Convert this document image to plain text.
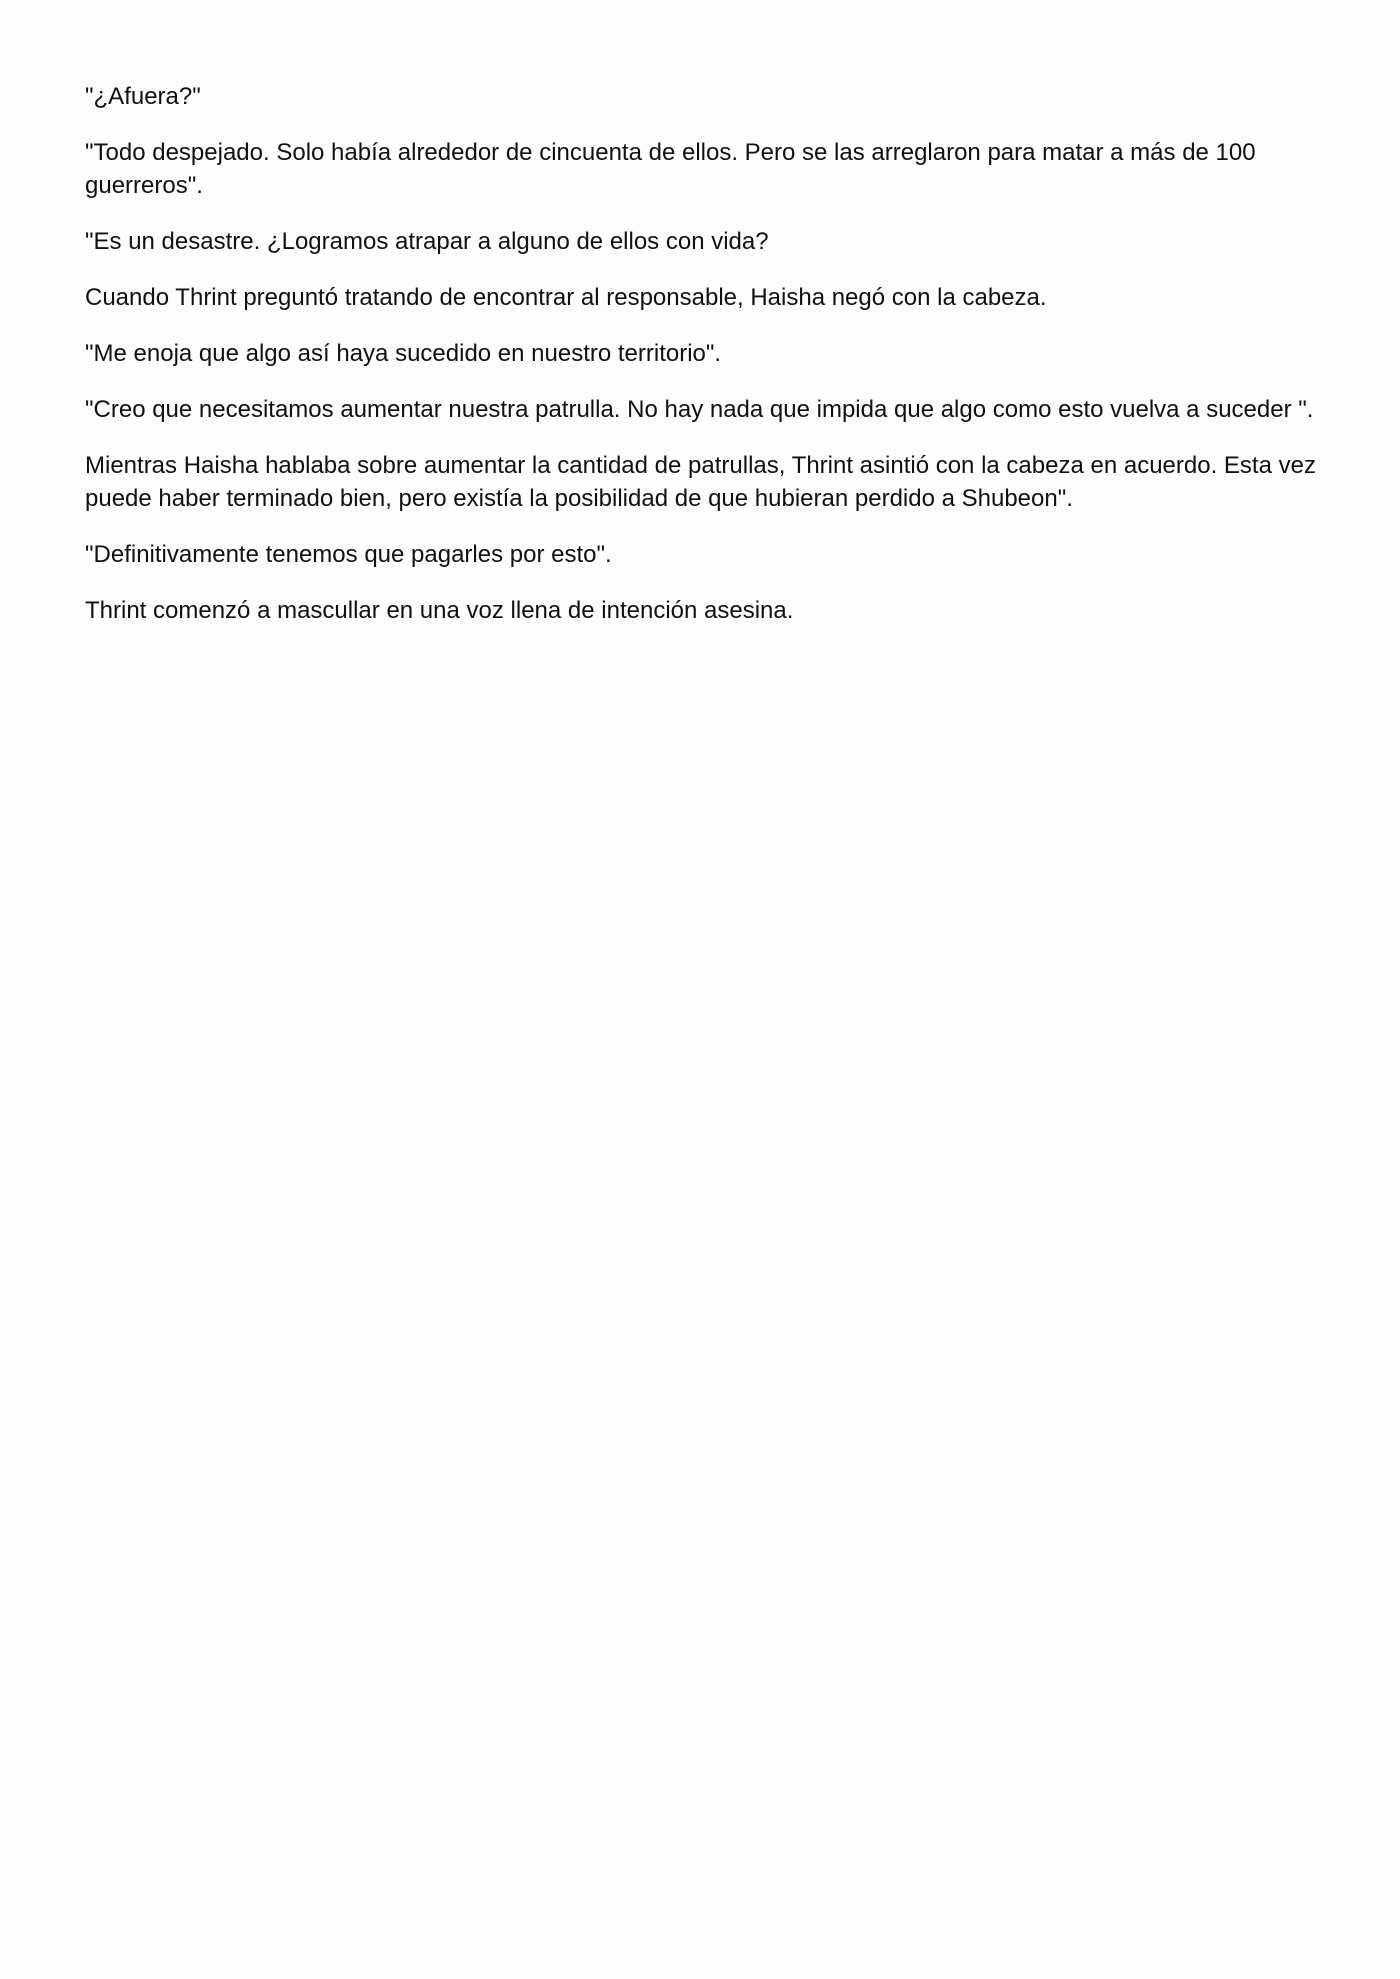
"¿Afuera?"

"Todo despejado. Solo había alrededor de cincuenta de ellos. Pero se las arreglaron para matar a más de 100 guerreros".

"Es un desastre. ¿Logramos atrapar a alguno de ellos con vida?

Cuando Thrint preguntó tratando de encontrar al responsable, Haisha negó con la cabeza.

"Me enoja que algo así haya sucedido en nuestro territorio".

"Creo que necesitamos aumentar nuestra patrulla. No hay nada que impida que algo como esto vuelva a suceder ".

Mientras Haisha hablaba sobre aumentar la cantidad de patrullas, Thrint asintió con la cabeza en acuerdo. Esta vez puede haber terminado bien, pero existía la posibilidad de que hubieran perdido a Shubeon".

"Definitivamente tenemos que pagarles por esto".

Thrint comenzó a mascullar en una voz llena de intención asesina.
